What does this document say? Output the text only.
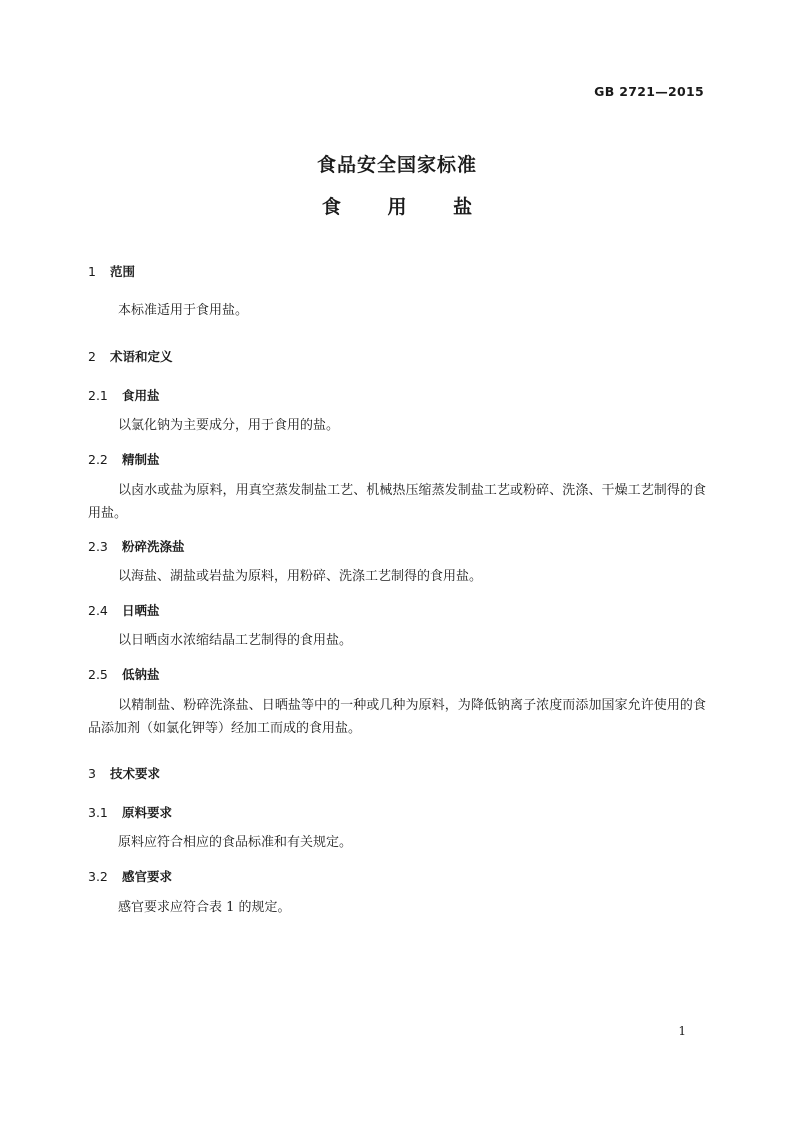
GB 2721—2015
食品安全国家标准
食 用 盐
1 范围
本标准适用于食用盐。
2 术语和定义
2.1 食用盐
以氯化钠为主要成分，用于食用的盐。
2.2 精制盐
以卤水或盐为原料，用真空蒸发制盐工艺、机械热压缩蒸发制盐工艺或粉碎、洗涤、干燥工艺制得的食用盐。
2.3 粉碎洗涤盐
以海盐、湖盐或岩盐为原料，用粉碎、洗涤工艺制得的食用盐。
2.4 日晒盐
以日晒卤水浓缩结晶工艺制得的食用盐。
2.5 低钠盐
以精制盐、粉碎洗涤盐、日晒盐等中的一种或几种为原料，为降低钠离子浓度而添加国家允许使用的食品添加剂（如氯化钾等）经加工而成的食用盐。
3 技术要求
3.1 原料要求
原料应符合相应的食品标准和有关规定。
3.2 感官要求
感官要求应符合表 1 的规定。
1
